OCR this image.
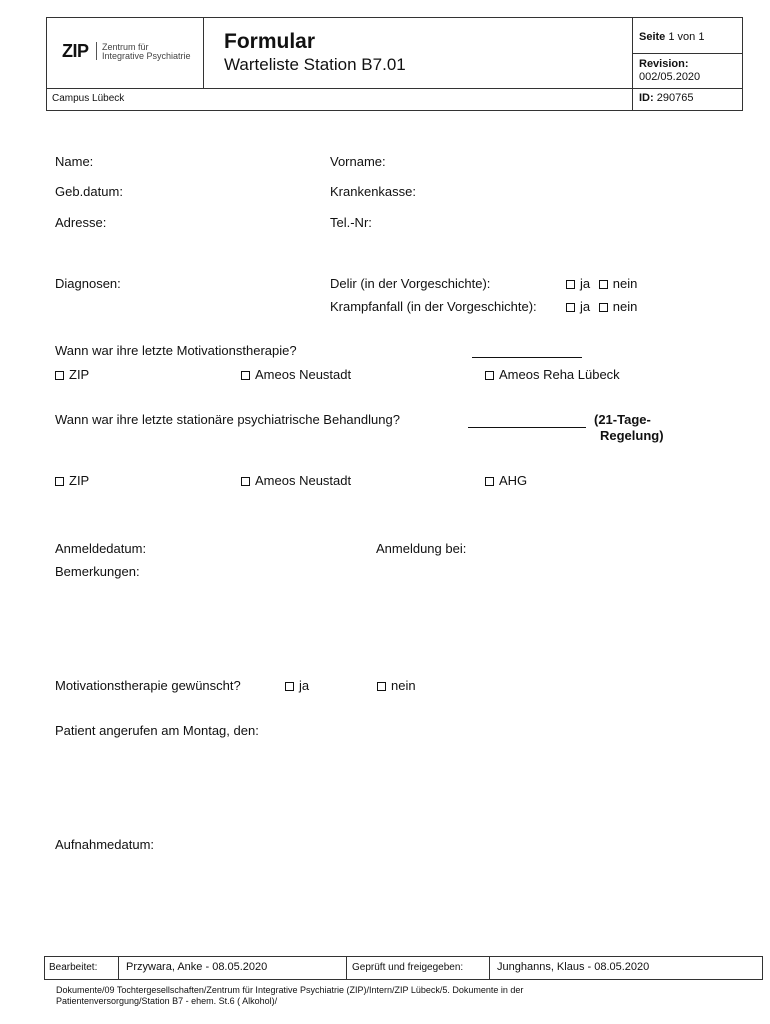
ZIP Zentrum für
Integrative Psychiatrie
Formular
Warteliste Station B7.01
Seite 1 von 1
Revision:
002/05.2020
Campus Lübeck	ID: 290765
Name:	Vorname:
Geb.datum:	Krankenkasse:
Adresse:	Tel.-Nr:
Diagnosen:	Delir (in der Vorgeschichte):	ja nein
Krampfanfall (in der Vorgeschichte):	ja nein
Wann war ihre letzte Motivationstherapie?
ZIP	Ameos Neustadt	Ameos Reha Lübeck
Wann war ihre letzte stationäre psychiatrische Behandlung?	(21-Tage-
Regelung)
ZIP	Ameos Neustadt	AHG
Anmeldedatum:	Anmeldung bei:
Bemerkungen:
Motivationstherapie gewünscht?	ja	nein
Patient angerufen am Montag, den:
Aufnahmedatum:
Bearbeitet:	Przywara, Anke - 08.05.2020	Geprüft und freigegeben:	Junghanns, Klaus - 08.05.2020
Dokumente/09 Tochtergesellschaften/Zentrum für Integrative Psychiatrie (ZIP)/Intern/ZIP Lübeck/5. Dokumente in der
Patientenversorgung/Station B7 - ehem. St.6 ( Alkohol)/
